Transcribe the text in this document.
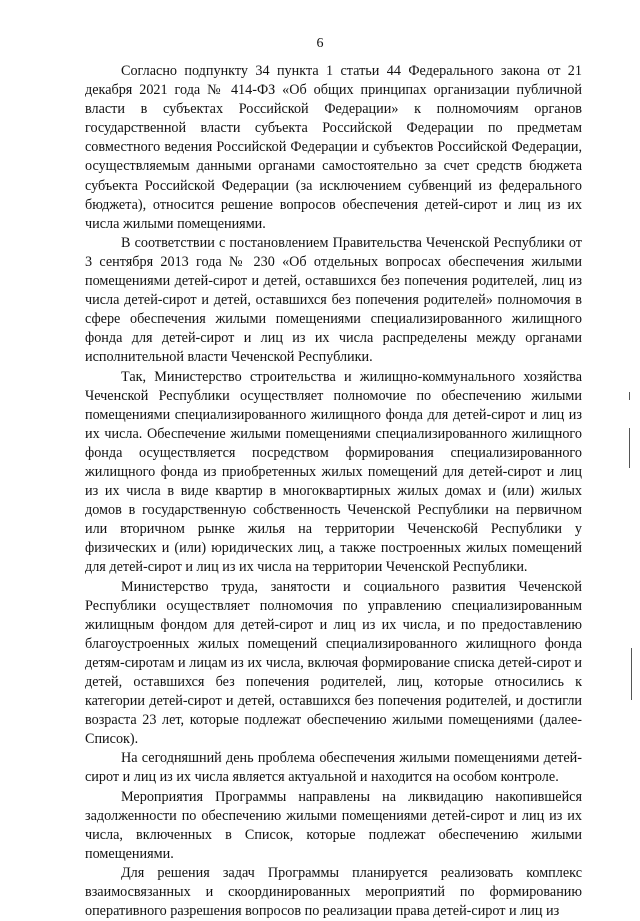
6

Согласно подпункту 34 пункта 1 статьи 44 Федерального закона от 21 декабря 2021 года № 414-ФЗ «Об общих принципах организации публичной власти в субъектах Российской Федерации» к полномочиям органов государственной власти субъекта Российской Федерации по предметам совместного ведения Российской Федерации и субъектов Российской Федерации, осуществляемым данными органами самостоятельно за счет средств бюджета субъекта Российской Федерации (за исключением субвенций из федерального бюджета), относится решение вопросов обеспечения детей-сирот и лиц из их числа жилыми помещениями.

В соответствии с постановлением Правительства Чеченской Республики от 3 сентября 2013 года № 230 «Об отдельных вопросах обеспечения жилыми помещениями детей-сирот и детей, оставшихся без попечения родителей, лиц из числа детей-сирот и детей, оставшихся без попечения родителей» полномочия в сфере обеспечения жилыми помещениями специализированного жилищного фонда для детей-сирот и лиц из их числа распределены между органами исполнительной власти Чеченской Республики.

Так, Министерство строительства и жилищно-коммунального хозяйства Чеченской Республики осуществляет полномочие по обеспечению жилыми помещениями специализированного жилищного фонда для детей-сирот и лиц из их числа. Обеспечение жилыми помещениями специализированного жилищного фонда осуществляется посредством формирования специализированного жилищного фонда из приобретенных жилых помещений для детей-сирот и лиц из их числа в виде квартир в многоквартирных жилых домах и (или) жилых домов в государственную собственность Чеченской Республики на первичном или вторичном рынке жилья на территории Чеченско6й Республики у физических и (или) юридических лиц, а также построенных жилых помещений для детей-сирот и лиц из их числа на территории Чеченской Республики.

Министерство труда, занятости и социального развития Чеченской Республики осуществляет полномочия по управлению специализированным жилищным фондом для детей-сирот и лиц из их числа, и по предоставлению благоустроенных жилых помещений специализированного жилищного фонда детям-сиротам и лицам из их числа, включая формирование списка детей-сирот и детей, оставшихся без попечения родителей, лиц, которые относились к категории детей-сирот и детей, оставшихся без попечения родителей, и достигли возраста 23 лет, которые подлежат обеспечению жилыми помещениями (далее-Список).

На сегодняшний день проблема обеспечения жилыми помещениями детей-сирот и лиц из их числа является актуальной и находится на особом контроле.

Мероприятия Программы направлены на ликвидацию накопившейся задолженности по обеспечению жилыми помещениями детей-сирот и лиц из их числа, включенных в Список, которые подлежат обеспечению жилыми помещениями.

Для решения задач Программы планируется реализовать комплекс взаимосвязанных и скоординированных мероприятий по формированию оперативного разрешения вопросов по реализации права детей-сирот и лиц из
